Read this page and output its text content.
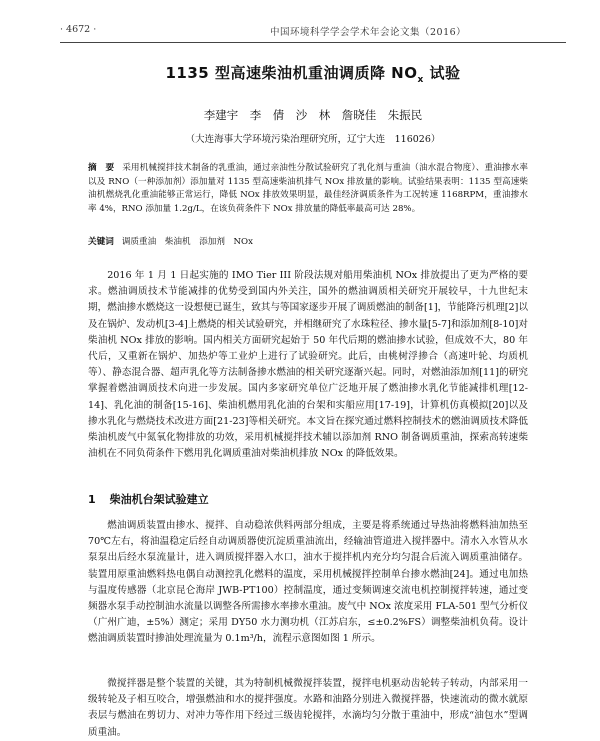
· 4672 ·	中国环境科学学会学术年会论文集（2016）
1135 型高速柴油机重油调质降 $NO_x$ 试验
李建宇　李　倩　沙　林　詹晓佳　朱振民
（大连海事大学环境污染治理研究所，辽宁大连　116026）
摘　要 采用机械搅拌技术制备的乳重油，通过亲油性分散试验研究了乳化剂与重油（油水混合物度）、重油掺水率以及 RNO（一种添加剂）添加量对 1135 型高速柴油机排气 NOx 排放量的影响。试验结果表明：1135 型高速柴油机燃烧乳化重油能够正常运行，降低 NOx 排放效果明显，最佳经济调质条件为工况转速 1168RPM，重油掺水率 4%，RNO 添加量 1.2g/L，在该负荷条件下 NOx 排放量的降低率最高可达 28%。
关键词 调质重油　柴油机　添加剂　NOx

2016 年 1 月 1 日起实施的 IMO Tier III 阶段法规对船用柴油机 NOx 排放提出了更为严格的要求。燃油调质技术节能减排的优势受到国内外关注，国外的燃油调质相关研究开展较早，十九世纪末期，燃油掺水燃烧这一设想便已诞生，致其与等国家逐步开展了调质燃油的制备[1]，节能降污机理[2]以及在锅炉、发动机[3-4]上燃烧的相关试验研究，并相继研究了水珠粒径、掺水量[5-7]和添加剂[8-10]对柴油机 NOx 排放的影响。国内相关方面研究起始于 50 年代后期的燃油掺水试验，但成效不大，80 年代后，又重新在锅炉、加热炉等工业炉上进行了试验研究。此后，由桃树浮掺合（高速叶轮、均质机等）、静态混合器、超声乳化等方法制备掺水燃油的相关研究逐渐兴起。同时，对燃油添加剂[11]的研究掌握着燃油调质技术向进一步发展。国内多家研究单位广泛地开展了燃油掺水乳化节能减排机理[12-14]、乳化油的制备[15-16]、柴油机燃用乳化油的台架和实船应用[17-19]，计算机仿真模拟[20]以及掺水乳化与燃烧技术改进方面[21-23]等相关研究。本文旨在探究通过燃料控制技术的燃油调质技术降低柴油机废气中氮氧化物排放的功效，采用机械搅拌技术辅以添加剂 RNO 制备调质重油，探索高转速柴油机在不同负荷条件下燃用乳化调质重油对柴油机排放 NOx 的降低效果。

1 柴油机台架试验建立

燃油调质装置由掺水、搅拌、自动稳浓供料两部分组成，主要是将系统通过导热油将燃料油加热至 70℃左右，将油温稳定后经自动调质器使沉淀质重油流出，经输油管道进入搅拌器中。清水入水管从水泵泵出后经水泵流量计，进入调质搅拌器入水口，油水于搅拌机内充分均匀混合后流入调质重油储存。装置用原重油燃料热电偶自动测控乳化燃料的温度，采用机械搅拌控制单台掺水燃油[24]。通过电加热与温度传感器（北京昆仑海岸 JWB-PT100）控制温度，通过变频调速交流电机控制搅拌转速，通过变频器水泵手动控制油水流量以调整各所需掺水率掺水重油。废气中 NOx 浓度采用 FLA-501 型气分析仪（广州广迪，±5%）测定；采用 DY50 水力测功机（江苏启东，≤±0.2%FS）调整柴油机负荷。设计燃油调质装置时掺油处理流量为 0.1m³/h，流程示意图如图 1 所示。

微搅拌器是整个装置的关键，其为特制机械微搅拌装置，搅拌电机驱动齿轮转子转动，内部采用一级转轮及子相互咬合，增强燃油和水的搅拌强度。水路和油路分别进入微搅拌器，快速流动的微水就原表层与燃油在剪切力、对冲力等作用下经过三级齿轮搅拌，水滴均匀分散于重油中，形成“油包水”型调质重油。
